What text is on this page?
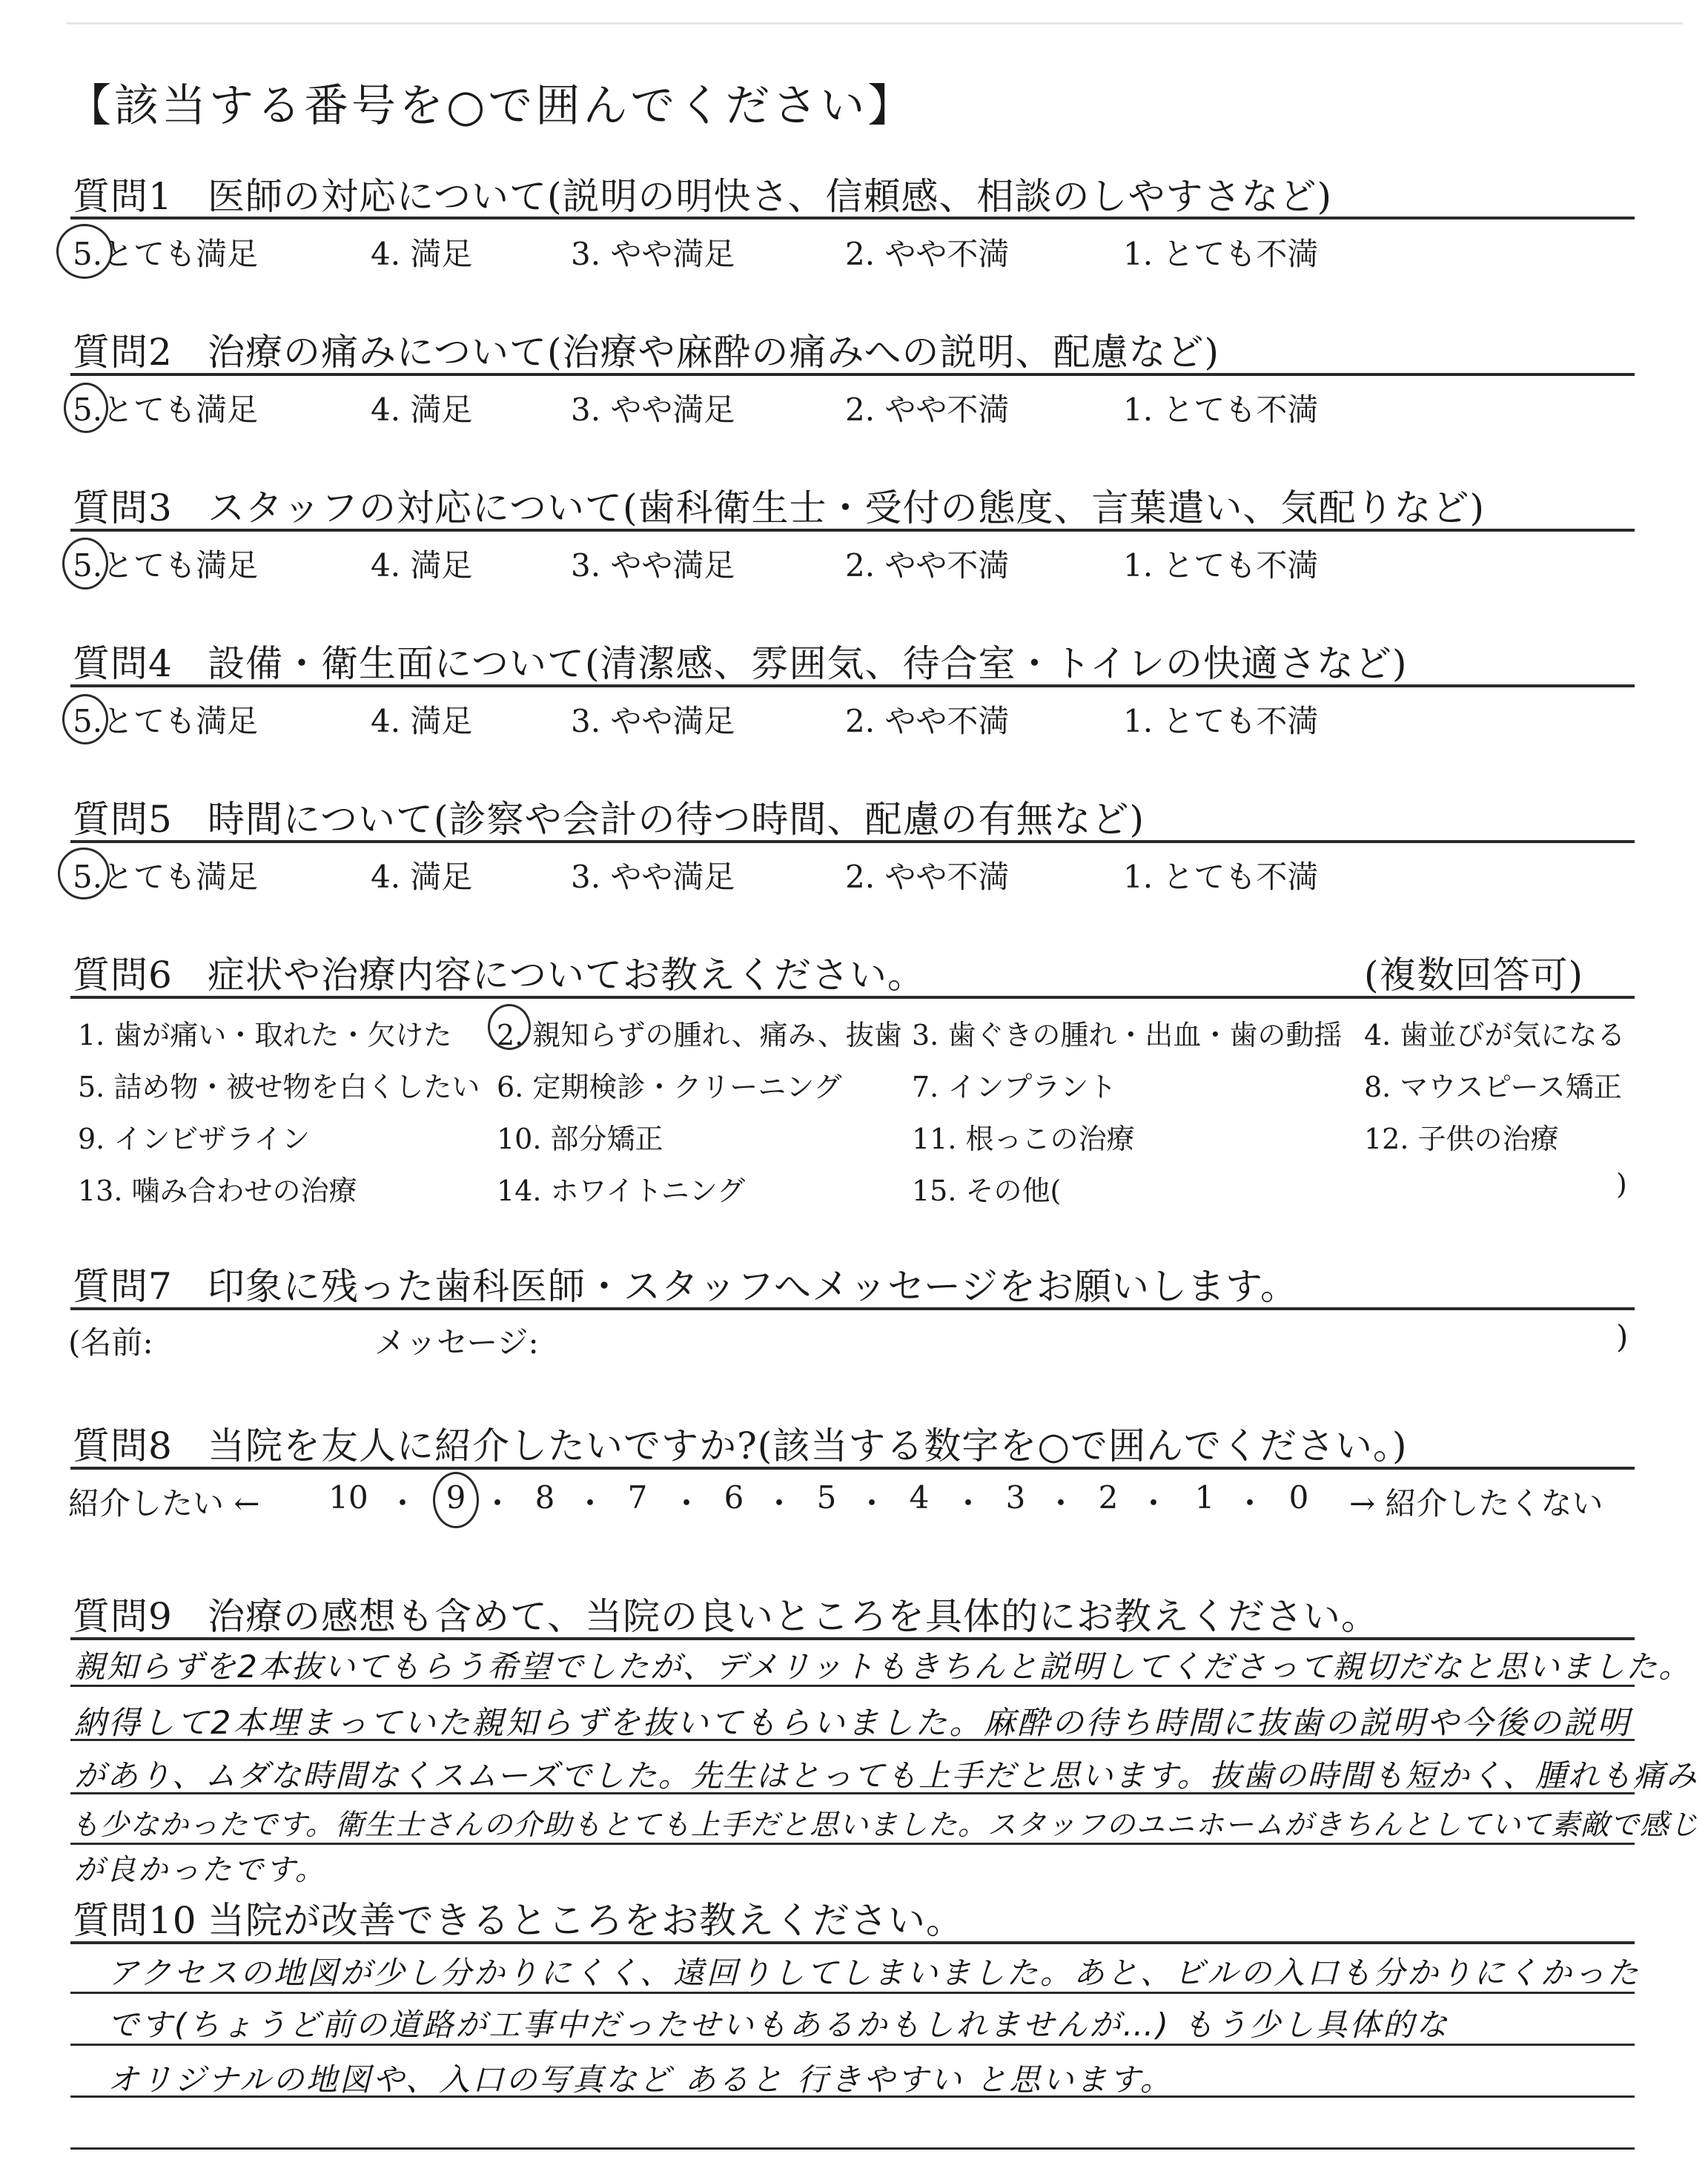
【該当する番号を○で囲んでください】
質問1 医師の対応について(説明の明快さ、信頼感、相談のしやすさなど)
5.とても満足	4. 満足	3. やや満足	2. やや不満	1. とても不満
質問2 治療の痛みについて(治療や麻酔の痛みへの説明、配慮など)
5.とても満足	4. 満足	3. やや満足	2. やや不満	1. とても不満
質問3 スタッフの対応について(歯科衛生士・受付の態度、言葉遣い、気配りなど)
5.とても満足	4. 満足	3. やや満足	2. やや不満	1. とても不満
質問4 設備・衛生面について(清潔感、雰囲気、待合室・トイレの快適さなど)
5.とても満足	4. 満足	3. やや満足	2. やや不満	1. とても不満
質問5 時間について(診察や会計の待つ時間、配慮の有無など)
5.とても満足	4. 満足	3. やや満足	2. やや不満	1. とても不満
質問6 症状や治療内容についてお教えください。	(複数回答可)
1. 歯が痛い・取れた・欠けた 2. 親知らずの腫れ、痛み、抜歯 3. 歯ぐきの腫れ・出血・歯の動揺 4. 歯並びが気になる
5. 詰め物・被せ物を白くしたい 6. 定期検診・クリーニング 7. インプラント	8. マウスピース矯正
9. インビザライン	10. 部分矯正	11. 根っこの治療	12. 子供の治療
13. 噛み合わせの治療	14. ホワイトニング	15. その他(	)
質問7 印象に残った歯科医師・スタッフへメッセージをお願いします。
(名前:	メッセージ:	)
質問8 当院を友人に紹介したいですか?(該当する数字を○で囲んでください。)
紹介したい ←	→ 紹介したくない
10 ・ 9 ・ 8 ・ 7 ・ 6 ・ 5 ・ 4 ・ 3 ・ 2 ・ 1 ・ 0
質問9 治療の感想も含めて、当院の良いところを具体的にお教えください。
親知らずを2本抜いてもらう希望でしたが、デメリットもきちんと説明してくださって親切だなと思いました。
納得して2本埋まっていた親知らずを抜いてもらいました。麻酔の待ち時間に抜歯の説明や今後の説明
があり、ムダな時間なくスムーズでした。先生はとっても上手だと思います。抜歯の時間も短かく、腫れも痛み
も少なかったです。衛生士さんの介助もとても上手だと思いました。スタッフのユニホームがきちんとしていて素敵で感じ
が良かったです。
質問10 当院が改善できるところをお教えください。
アクセスの地図が少し分かりにくく、遠回りしてしまいました。あと、ビルの入口も分かりにくかった
です(ちょうど前の道路が工事中だったせいもあるかもしれませんが…) もう少し具体的な
オリジナルの地図や、入口の写真など あると 行きやすい と思います。
